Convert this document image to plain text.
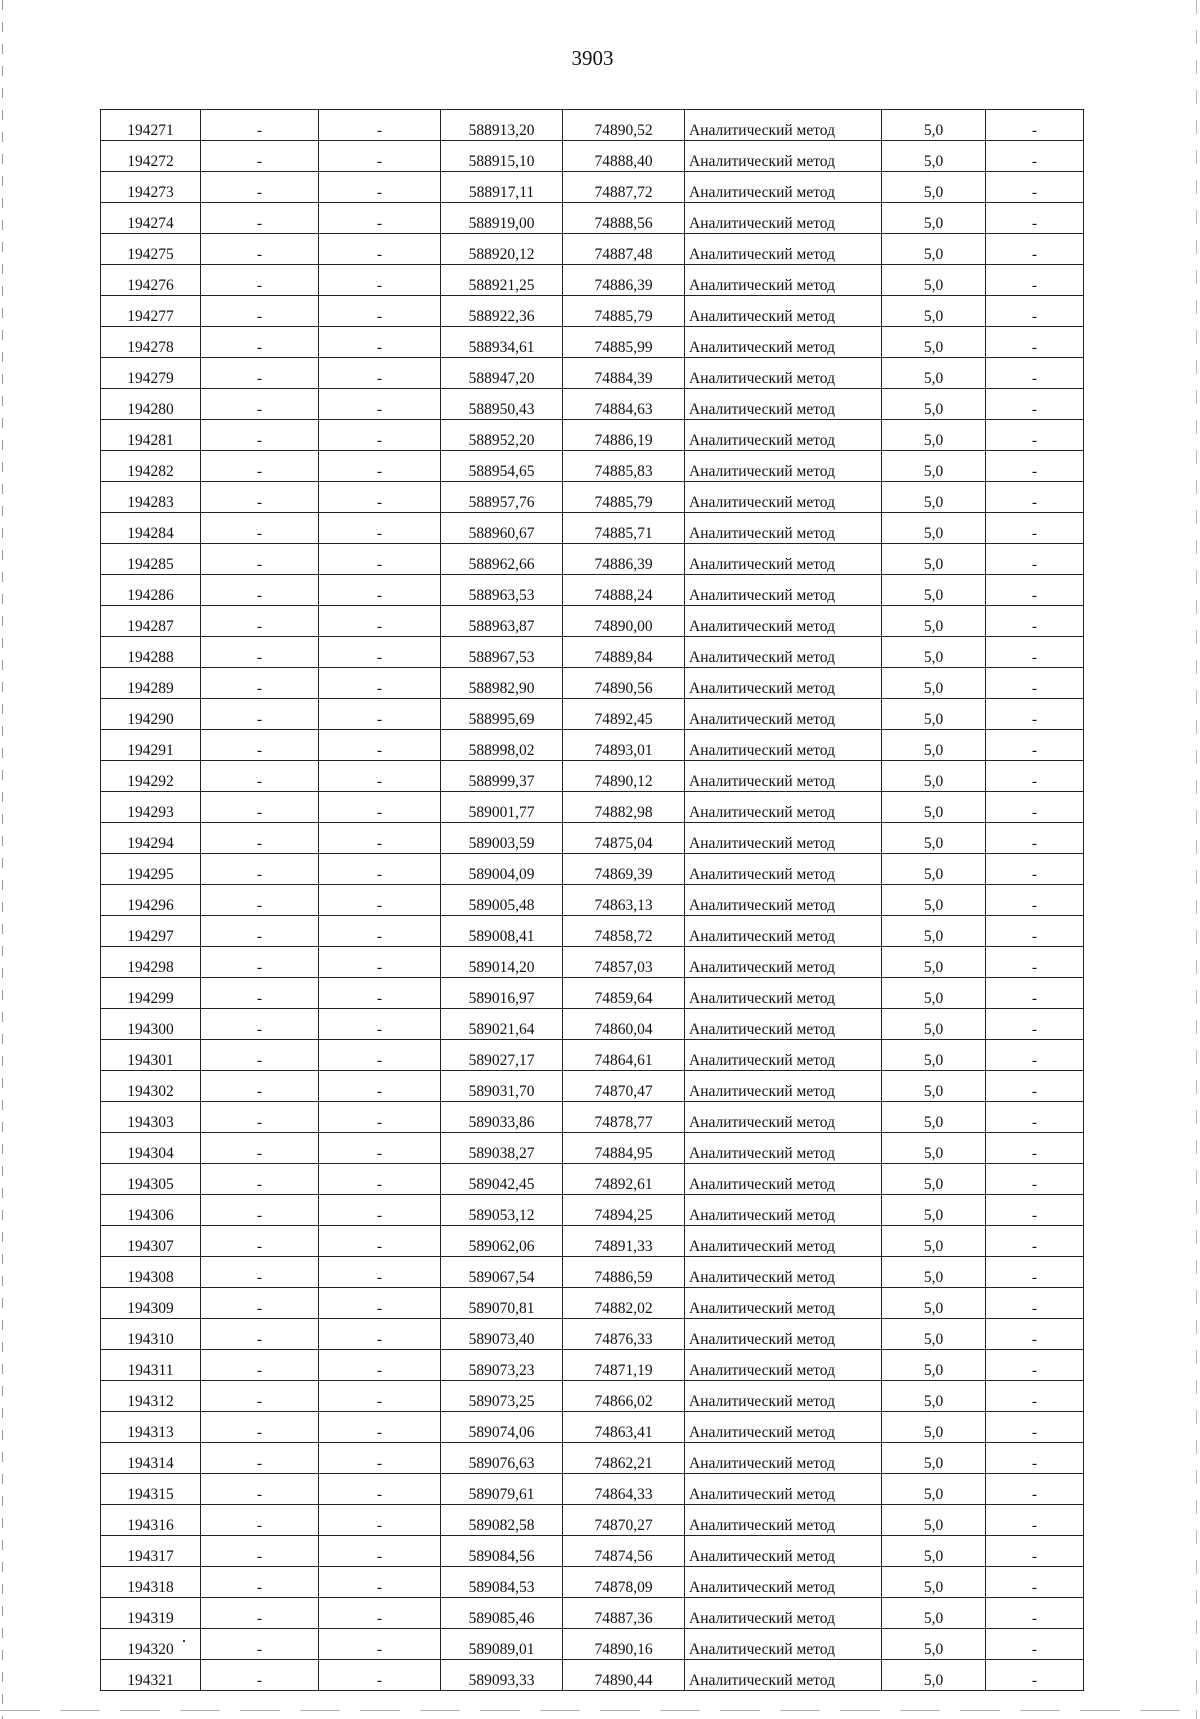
3903
194271	-	-	588913,20	74890,52	Аналитический метод	5,0	-
194272	-	-	588915,10	74888,40	Аналитический метод	5,0	-
194273	-	-	588917,11	74887,72	Аналитический метод	5,0	-
194274	-	-	588919,00	74888,56	Аналитический метод	5,0	-
194275	-	-	588920,12	74887,48	Аналитический метод	5,0	-
194276	-	-	588921,25	74886,39	Аналитический метод	5,0	-
194277	-	-	588922,36	74885,79	Аналитический метод	5,0	-
194278	-	-	588934,61	74885,99	Аналитический метод	5,0	-
194279	-	-	588947,20	74884,39	Аналитический метод	5,0	-
194280	-	-	588950,43	74884,63	Аналитический метод	5,0	-
194281	-	-	588952,20	74886,19	Аналитический метод	5,0	-
194282	-	-	588954,65	74885,83	Аналитический метод	5,0	-
194283	-	-	588957,76	74885,79	Аналитический метод	5,0	-
194284	-	-	588960,67	74885,71	Аналитический метод	5,0	-
194285	-	-	588962,66	74886,39	Аналитический метод	5,0	-
194286	-	-	588963,53	74888,24	Аналитический метод	5,0	-
194287	-	-	588963,87	74890,00	Аналитический метод	5,0	-
194288	-	-	588967,53	74889,84	Аналитический метод	5,0	-
194289	-	-	588982,90	74890,56	Аналитический метод	5,0	-
194290	-	-	588995,69	74892,45	Аналитический метод	5,0	-
194291	-	-	588998,02	74893,01	Аналитический метод	5,0	-
194292	-	-	588999,37	74890,12	Аналитический метод	5,0	-
194293	-	-	589001,77	74882,98	Аналитический метод	5,0	-
194294	-	-	589003,59	74875,04	Аналитический метод	5,0	-
194295	-	-	589004,09	74869,39	Аналитический метод	5,0	-
194296	-	-	589005,48	74863,13	Аналитический метод	5,0	-
194297	-	-	589008,41	74858,72	Аналитический метод	5,0	-
194298	-	-	589014,20	74857,03	Аналитический метод	5,0	-
194299	-	-	589016,97	74859,64	Аналитический метод	5,0	-
194300	-	-	589021,64	74860,04	Аналитический метод	5,0	-
194301	-	-	589027,17	74864,61	Аналитический метод	5,0	-
194302	-	-	589031,70	74870,47	Аналитический метод	5,0	-
194303	-	-	589033,86	74878,77	Аналитический метод	5,0	-
194304	-	-	589038,27	74884,95	Аналитический метод	5,0	-
194305	-	-	589042,45	74892,61	Аналитический метод	5,0	-
194306	-	-	589053,12	74894,25	Аналитический метод	5,0	-
194307	-	-	589062,06	74891,33	Аналитический метод	5,0	-
194308	-	-	589067,54	74886,59	Аналитический метод	5,0	-
194309	-	-	589070,81	74882,02	Аналитический метод	5,0	-
194310	-	-	589073,40	74876,33	Аналитический метод	5,0	-
194311	-	-	589073,23	74871,19	Аналитический метод	5,0	-
194312	-	-	589073,25	74866,02	Аналитический метод	5,0	-
194313	-	-	589074,06	74863,41	Аналитический метод	5,0	-
194314	-	-	589076,63	74862,21	Аналитический метод	5,0	-
194315	-	-	589079,61	74864,33	Аналитический метод	5,0	-
194316	-	-	589082,58	74870,27	Аналитический метод	5,0	-
194317	-	-	589084,56	74874,56	Аналитический метод	5,0	-
194318	-	-	589084,53	74878,09	Аналитический метод	5,0	-
194319	-	-	589085,46	74887,36	Аналитический метод	5,0	-
194320	-	-	589089,01	74890,16	Аналитический метод	5,0	-
194321	-	-	589093,33	74890,44	Аналитический метод	5,0	-
